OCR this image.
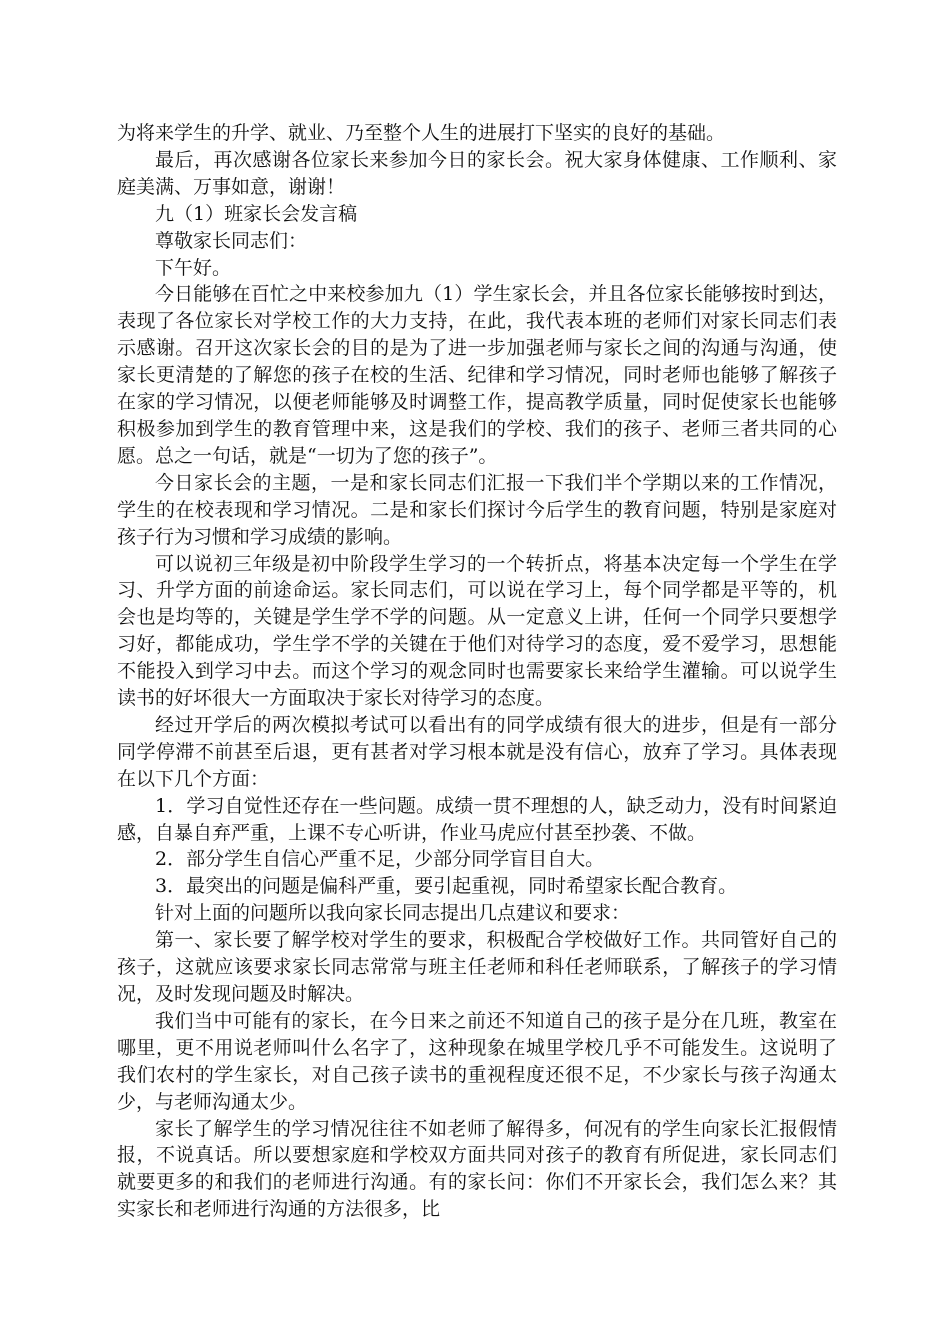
为将来学生的升学、就业、乃至整个人生的进展打下坚实的良好的基础。

最后，再次感谢各位家长来参加今日的家长会。祝大家身体健康、工作顺利、家庭美满、万事如意，谢谢！

九（1）班家长会发言稿

尊敬家长同志们：

下午好。

今日能够在百忙之中来校参加九（1）学生家长会，并且各位家长能够按时到达，表现了各位家长对学校工作的大力支持，在此，我代表本班的老师们对家长同志们表示感谢。召开这次家长会的目的是为了进一步加强老师与家长之间的沟通与沟通，使家长更清楚的了解您的孩子在校的生活、纪律和学习情况，同时老师也能够了解孩子在家的学习情况，以便老师能够及时调整工作，提高教学质量，同时促使家长也能够积极参加到学生的教育管理中来，这是我们的学校、我们的孩子、老师三者共同的心愿。总之一句话，就是“一切为了您的孩子”。

今日家长会的主题，一是和家长同志们汇报一下我们半个学期以来的工作情况，学生的在校表现和学习情况。二是和家长们探讨今后学生的教育问题，特别是家庭对孩子行为习惯和学习成绩的影响。

可以说初三年级是初中阶段学生学习的一个转折点，将基本决定每一个学生在学习、升学方面的前途命运。家长同志们，可以说在学习上，每个同学都是平等的，机会也是均等的，关键是学生学不学的问题。从一定意义上讲，任何一个同学只要想学习好，都能成功，学生学不学的关键在于他们对待学习的态度，爱不爱学习，思想能不能投入到学习中去。而这个学习的观念同时也需要家长来给学生灌输。可以说学生读书的好坏很大一方面取决于家长对待学习的态度。

经过开学后的两次模拟考试可以看出有的同学成绩有很大的进步，但是有一部分同学停滞不前甚至后退，更有甚者对学习根本就是没有信心，放弃了学习。具体表现在以下几个方面：

1．学习自觉性还存在一些问题。成绩一贯不理想的人，缺乏动力，没有时间紧迫感，自暴自弃严重，上课不专心听讲，作业马虎应付甚至抄袭、不做。

2．部分学生自信心严重不足，少部分同学盲目自大。

3．最突出的问题是偏科严重，要引起重视，同时希望家长配合教育。

针对上面的问题所以我向家长同志提出几点建议和要求：

第一、家长要了解学校对学生的要求，积极配合学校做好工作。共同管好自己的孩子，这就应该要求家长同志常常与班主任老师和科任老师联系，了解孩子的学习情况，及时发现问题及时解决。

我们当中可能有的家长，在今日来之前还不知道自己的孩子是分在几班，教室在哪里，更不用说老师叫什么名字了，这种现象在城里学校几乎不可能发生。这说明了我们农村的学生家长，对自己孩子读书的重视程度还很不足，不少家长与孩子沟通太少，与老师沟通太少。

家长了解学生的学习情况往往不如老师了解得多，何况有的学生向家长汇报假情报，不说真话。所以要想家庭和学校双方面共同对孩子的教育有所促进，家长同志们就要更多的和我们的老师进行沟通。有的家长问：你们不开家长会，我们怎么来？其实家长和老师进行沟通的方法很多，比
